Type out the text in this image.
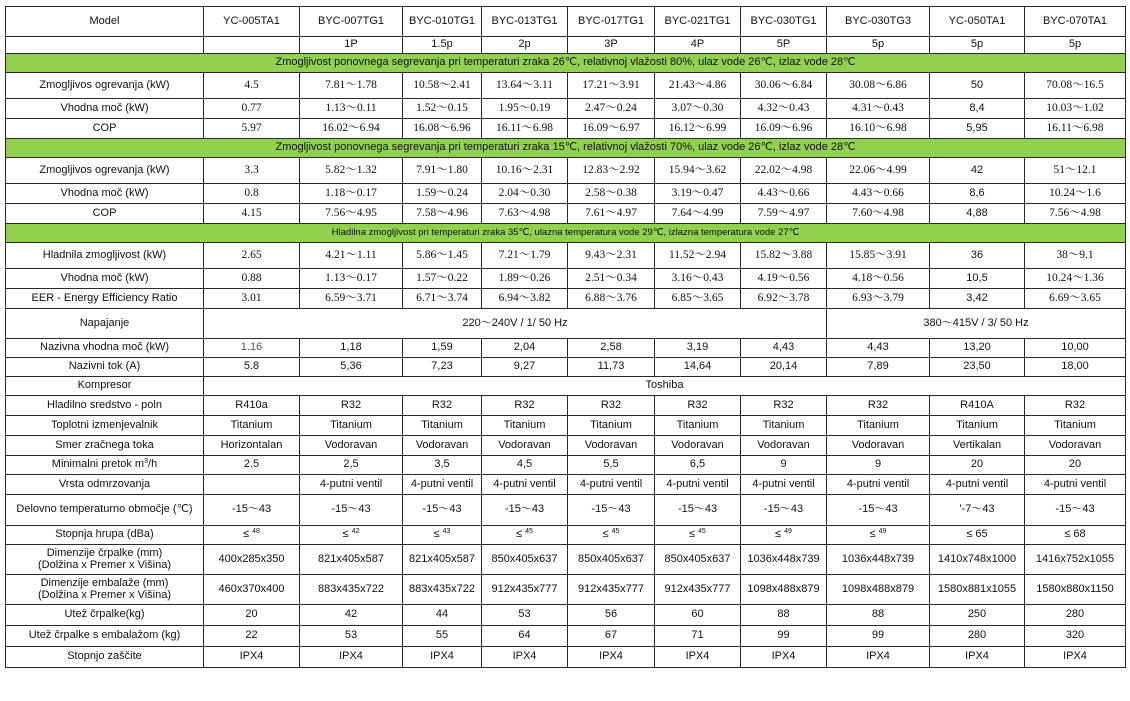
Model	YC-005TA1	BYC-007TG1	BYC-010TG1	BYC-013TG1	BYC-017TG1	BYC-021TG1	BYC-030TG1	BYC-030TG3	YC-050TA1	BYC-070TA1
		1P	1.5p	2p	3P	4P	5P	5p	5p	5p
Zmogljivost ponovnega segrevanja pri temperaturi zraka 26℃, relativnoj vlažosti 80%, ulaz vode 26℃, izlaz vode 28℃										
Zmogljivos ogrevanja (kW)	4.5	7.81～1.78	10.58～2.41	13.64～3.11	17.21～3.91	21.43～4.86	30.06～6.84	30.08～6.86	50	70.08～16.5
Vhodna moč (kW)	0.77	1.13～0.11	1.52～0.15	1.95～0.19	2.47～0.24	3.07～0.30	4.32～0.43	4.31～0.43	8,4	10.03～1.02
COP	5.97	16.02～6.94	16.08～6.96	16.11～6.98	16.09～6.97	16.12～6.99	16.09～6.96	16.10～6.98	5,95	16.11～6.98
Zmogljivost ponovnega segrevanja pri temperaturi zraka 15℃, relativnoj vlažosti 70%, ulaz vode 26℃, izlaz vode 28℃										
Zmogljivos ogrevanja (kW)	3.3	5.82～1.32	7.91～1.80	10.16～2.31	12.83～2.92	15.94～3.62	22.02～4.98	22.06～4.99	42	51～12.1
Vhodna moč (kW)	0.8	1.18～0.17	1.59～0.24	2.04～0.30	2.58～0.38	3.19～0.47	4.43～0.66	4.43～0.66	8,6	10.24～1.6
COP	4.15	7.56～4.95	7.58～4.96	7.63～4.98	7.61～4.97	7.64～4.99	7.59～4.97	7.60～4.98	4,88	7.56～4.98
Hladilna zmogljivost pri temperaturi zraka 35℃, ulazna temperatura vode 29℃, izlazna temperatura vode 27℃										
Hladnila zmogljivost (kW)	2.65	4.21～1.11	5.86～1.45	7.21～1.79	9.43～2.31	11.52～2.94	15.82～3.88	15.85～3.91	36	38～9.1
Vhodna moč (kW)	0.88	1.13～0.17	1.57～0.22	1.89～0.26	2.51～0.34	3.16～0.43	4.19～0.56	4.18～0.56	10,5	10.24～1.36
EER - Energy Efficiency Ratio	3.01	6.59～3.71	6.71～3.74	6.94～3.82	6.88～3.76	6.85～3.65	6.92～3.78	6.93～3.79	3,42	6.69～3.65
Napajanje	220～240V / 1/ 50 Hz							380～415V / 3/ 50 Hz		
Nazivna vhodna moč (kW)	1.16	1,18	1,59	2,04	2,58	3,19	4,43	4,43	13,20	10,00
Nazivni tok (A)	5.8	5,36	7,23	9,27	11,73	14,64	20,14	7,89	23,50	18,00
Kompresor	Toshiba									
Hladilno sredstvo - poln	R410a	R32	R32	R32	R32	R32	R32	R32	R410A	R32
Toplotni izmenjevalnik	Titanium	Titanium	Titanium	Titanium	Titanium	Titanium	Titanium	Titanium	Titanium	Titanium
Smer zračnega toka	Horizontalan	Vodoravan	Vodoravan	Vodoravan	Vodoravan	Vodoravan	Vodoravan	Vodoravan	Vertikalan	Vodoravan
Minimalni pretok $m^3/h$	2.5	2,5	3,5	4,5	5,5	6,5	9	9	20	20
Vrsta odmrzovanja		4-putni ventil	4-putni ventil	4-putni ventil	4-putni ventil	4-putni ventil	4-putni ventil	4-putni ventil	4-putni ventil	4-putni ventil
Delovno temperaturno območje (℃)	-15～43	-15～43	-15～43	-15～43	-15～43	-15～43	-15～43	-15～43	'-7～43	-15～43
Stopnja hrupa (dBa)	≤ $^{48}$	≤ $^{42}$	≤ $^{43}$	≤ $^{45}$	≤ $^{45}$	≤ $^{45}$	≤ $^{49}$	≤ $^{49}$	≤ 65	≤ 68

Dimenzije črpalke (mm)
(Dolžina x Premer x Višina)	400x285x350	821x405x587	821x405x587	850x405x637	850x405x637	850x405x637	1036x448x739	1036x448x739	1410x748x1000	1416x752x1055

Dimenzije embalaže (mm)
(Dolžina x Premer x Višina)	460x370x400	883x435x722	883x435x722	912x435x777	912x435x777	912x435x777	1098x488x879	1098x488x879	1580x881x1055	1580x880x1150
Utež črpalke(kg)	20	42	44	53	56	60	88	88	250	280
Utež črpalke s embalažom (kg)	22	53	55	64	67	71	99	99	280	320
Stopnjo zaščite	IPX4	IPX4	IPX4	IPX4	IPX4	IPX4	IPX4	IPX4	IPX4	IPX4
